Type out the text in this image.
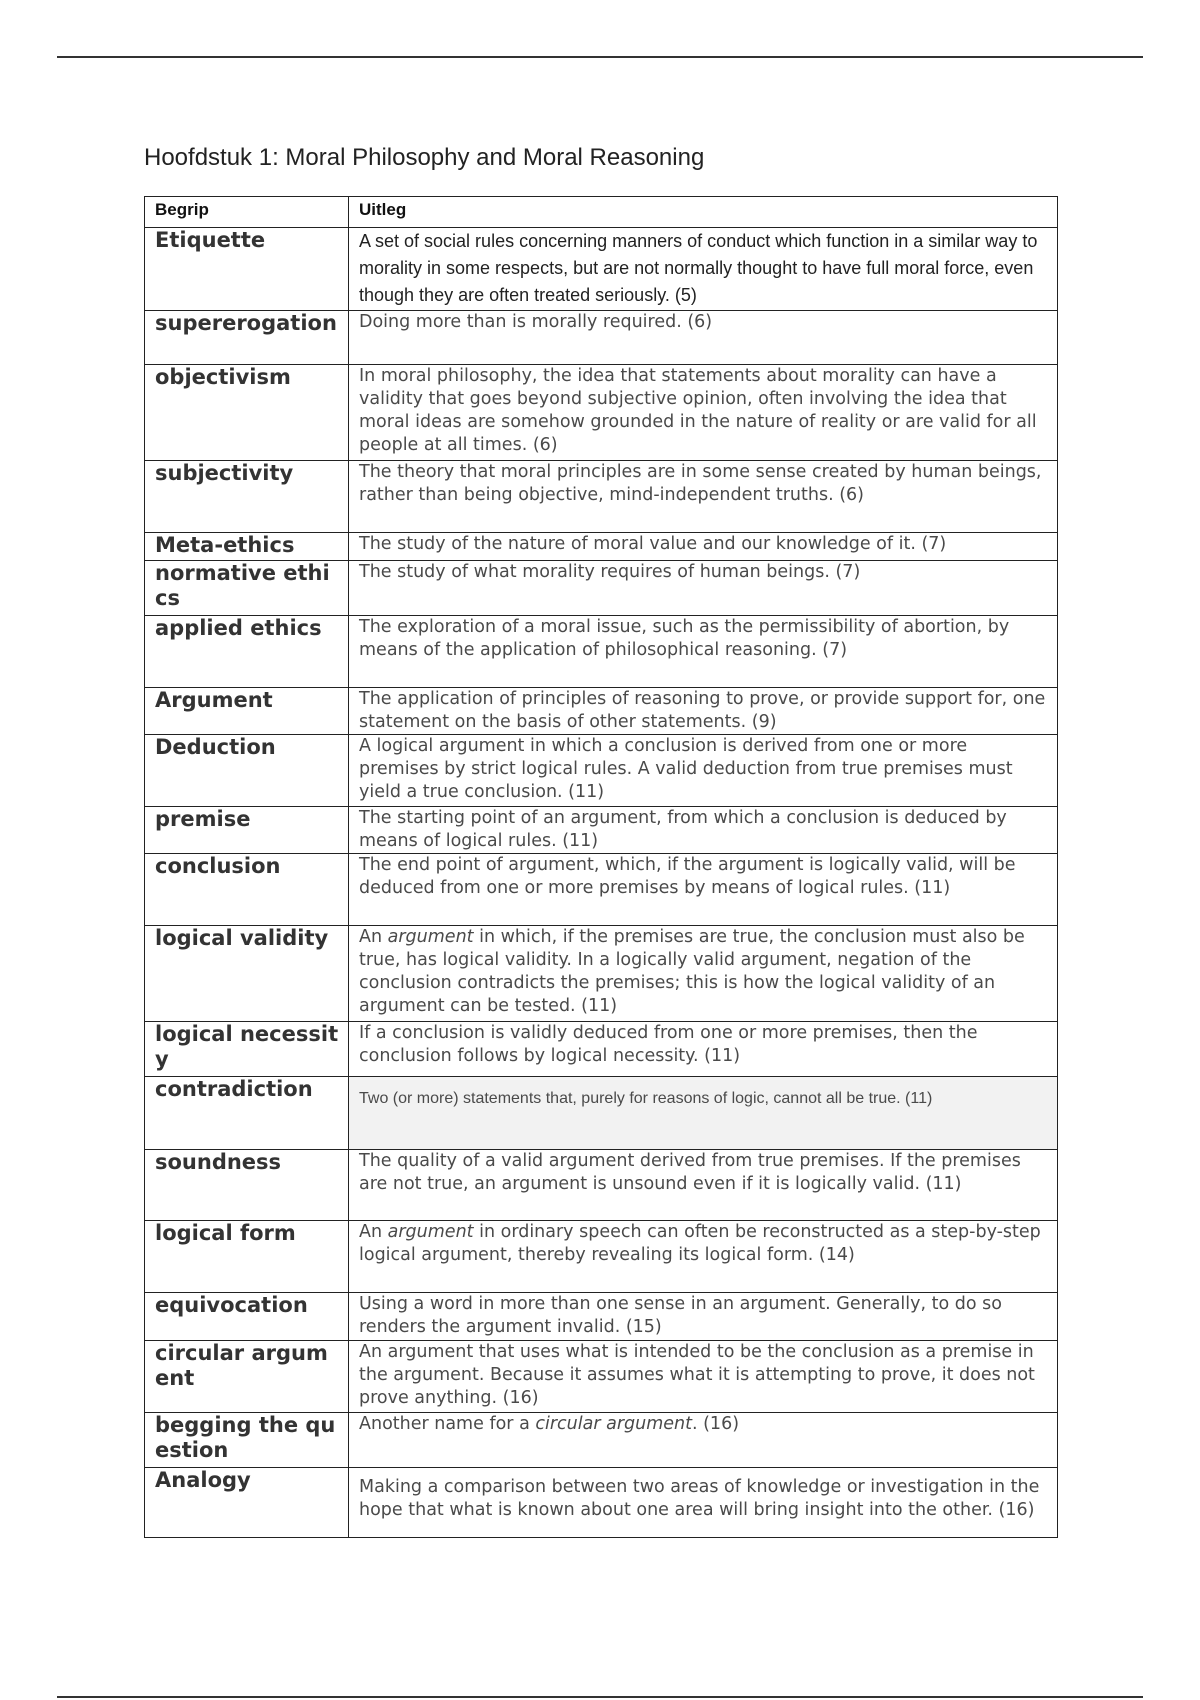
Hoofdstuk 1: Moral Philosophy and Moral Reasoning
Begrip	Uitleg
Etiquette	A set of social rules concerning manners of conduct which function in a similar way to morality in some respects, but are not normally thought to have full moral force, even though they are often treated seriously. (5)
supererogation	Doing more than is morally required. (6)
objectivism	In moral philosophy, the idea that statements about morality can have a validity that goes beyond subjective opinion, often involving the idea that moral ideas are somehow grounded in the nature of reality or are valid for all people at all times. (6)
subjectivity	The theory that moral principles are in some sense created by human beings, rather than being objective, mind-independent truths. (6)
Meta-ethics	The study of the nature of moral value and our knowledge of it. (7)
normative ethics	The study of what morality requires of human beings. (7)
applied ethics	The exploration of a moral issue, such as the permissibility of abortion, by means of the application of philosophical reasoning. (7)
Argument	The application of principles of reasoning to prove, or provide support for, one statement on the basis of other statements. (9)
Deduction	A logical argument in which a conclusion is derived from one or more premises by strict logical rules. A valid deduction from true premises must yield a true conclusion. (11)
premise	The starting point of an argument, from which a conclusion is deduced by means of logical rules. (11)
conclusion	The end point of argument, which, if the argument is logically valid, will be deduced from one or more premises by means of logical rules. (11)
logical validity	An argument in which, if the premises are true, the conclusion must also be true, has logical validity. In a logically valid argument, negation of the conclusion contradicts the premises; this is how the logical validity of an argument can be tested. (11)
logical necessity	If a conclusion is validly deduced from one or more premises, then the conclusion follows by logical necessity. (11)
contradiction	Two (or more) statements that, purely for reasons of logic, cannot all be true. (11)
soundness	The quality of a valid argument derived from true premises. If the premises are not true, an argument is unsound even if it is logically valid. (11)
logical form	An argument in ordinary speech can often be reconstructed as a step-by-step logical argument, thereby revealing its logical form. (14)
equivocation	Using a word in more than one sense in an argument. Generally, to do so renders the argument invalid. (15)
circular argument	An argument that uses what is intended to be the conclusion as a premise in the argument. Because it assumes what it is attempting to prove, it does not prove anything. (16)
begging the question	Another name for a circular argument. (16)
Analogy	Making a comparison between two areas of knowledge or investigation in the hope that what is known about one area will bring insight into the other. (16)
